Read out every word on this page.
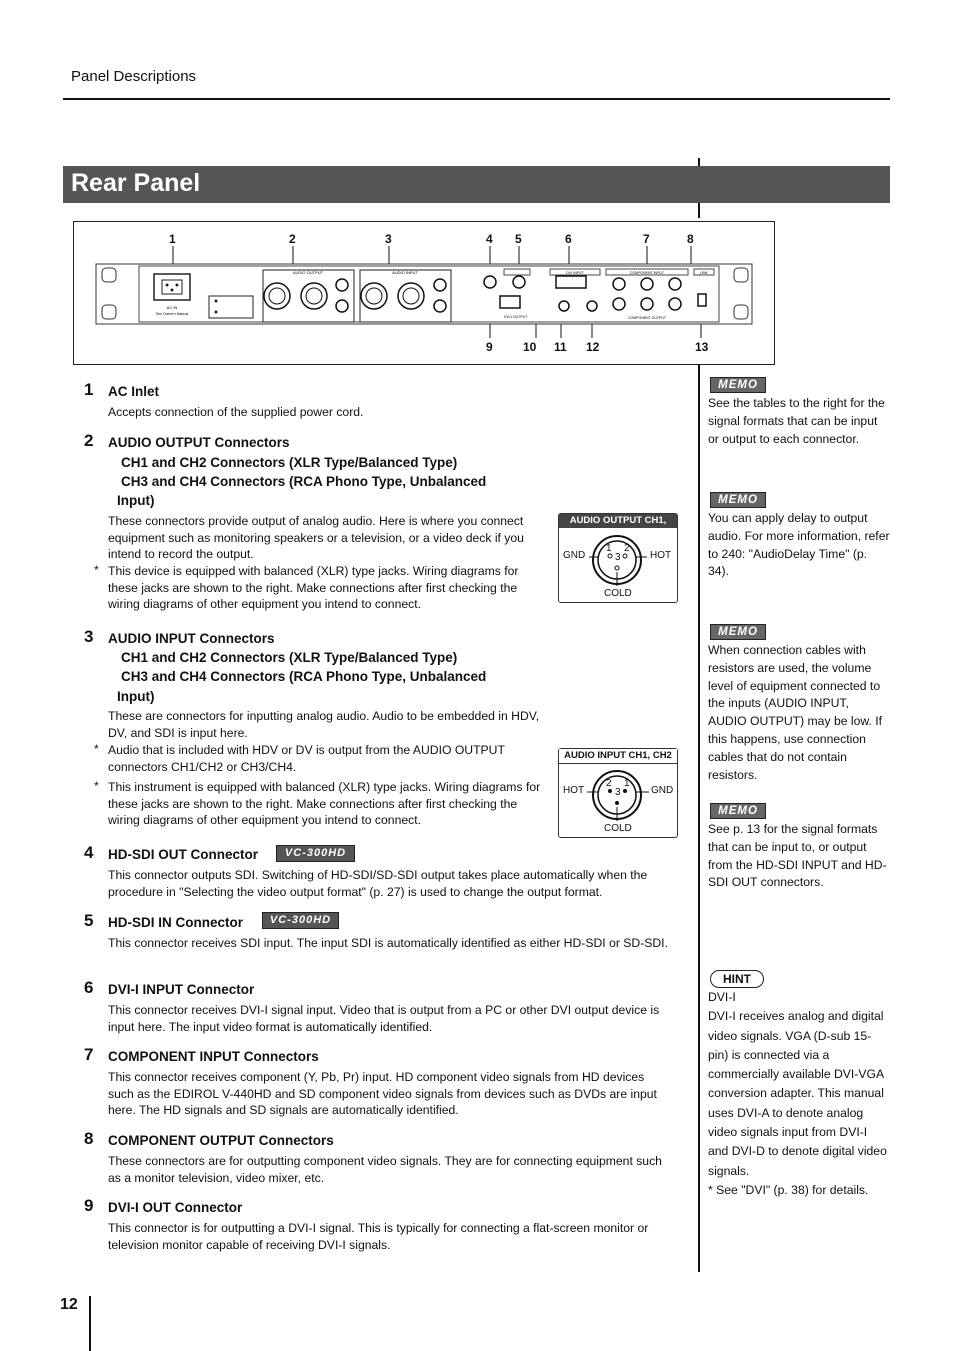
Panel Descriptions
Rear Panel
1	2	3	4 5	6	7	8
9	10 11 12	13
AC IN
See Owner's Manual
AUDIO OUTPUT	AUDIO INPUT	DVI INPUT
DVI-I OUTPUT
COMPONENT INPUT
COMPONENT OUTPUT
LINK
1 AC Inlet
Accepts connection of the supplied power cord.
2 AUDIO OUTPUT Connectors
CH1 and CH2 Connectors (XLR Type/Balanced Type)
CH3 and CH4 Connectors (RCA Phono Type, Unbalanced
Input)
These connectors provide output of analog audio. Here is where you connect equipment such as monitoring speakers or a television, or a video deck if you intend to record the output.
* This device is equipped with balanced (XLR) type jacks. Wiring diagrams for these jacks are shown to the right. Make connections after first checking the wiring diagrams of other equipment you intend to connect.
AUDIO OUTPUT CH1, CH2
GND	HOT
COLD
1 2
3
3 AUDIO INPUT Connectors
CH1 and CH2 Connectors (XLR Type/Balanced Type)
CH3 and CH4 Connectors (RCA Phono Type, Unbalanced
Input)
These are connectors for inputting analog audio. Audio to be embedded in HDV, DV, and SDI is input here.
* Audio that is included with HDV or DV is output from the AUDIO OUTPUT connectors CH1/CH2 or CH3/CH4.
* This instrument is equipped with balanced (XLR) type jacks. Wiring diagrams for these jacks are shown to the right. Make connections after first checking the wiring diagrams of other equipment you intend to connect.
AUDIO INPUT CH1, CH2
HOT	GND
COLD
1
2
3
4 HD-SDI OUT Connector	VC-300HD
This connector outputs SDI. Switching of HD-SDI/SD-SDI output takes place automatically when the procedure in "Selecting the video output format" (p. 27) is used to change the output format.
5 HD-SDI IN Connector	VC-300HD
This connector receives SDI input. The input SDI is automatically identified as either HD-SDI or SD-SDI.
6 DVI-I INPUT Connector
This connector receives DVI-I signal input. Video that is output from a PC or other DVI output device is input here. The input video format is automatically identified.
7 COMPONENT INPUT Connectors
This connector receives component (Y, Pb, Pr) input. HD component video signals from HD devices such as the EDIROL V-440HD and SD component video signals from devices such as DVDs are input here. The HD signals and SD signals are automatically identified.
8 COMPONENT OUTPUT Connectors
These connectors are for outputting component video signals. They are for connecting equipment such as a monitor television, video mixer, etc.
9 DVI-I OUT Connector
This connector is for outputting a DVI-I signal. This is typically for connecting a flat-screen monitor or television monitor capable of receiving DVI-I signals.
MEMO
See the tables to the right for the signal formats that can be input or output to each connector.
MEMO
You can apply delay to output audio. For more information, refer to 240: "AudioDelay Time" (p. 34).
MEMO
When connection cables with resistors are used, the volume level of equipment connected to the inputs (AUDIO INPUT, AUDIO OUTPUT) may be low. If this happens, use connection cables that do not contain resistors.
MEMO
See p. 13 for the signal formats that can be input to, or output from the HD-SDI INPUT and HD-SDI OUT connectors.
HINT
DVI-I
DVI-I receives analog and digital video signals. VGA (D-sub 15-pin) is connected via a commercially available DVI-VGA conversion adapter. This manual uses DVI-A to denote analog video signals input from DVI-I and DVI-D to denote digital video signals.
* See "DVI" (p. 38) for details.
12
